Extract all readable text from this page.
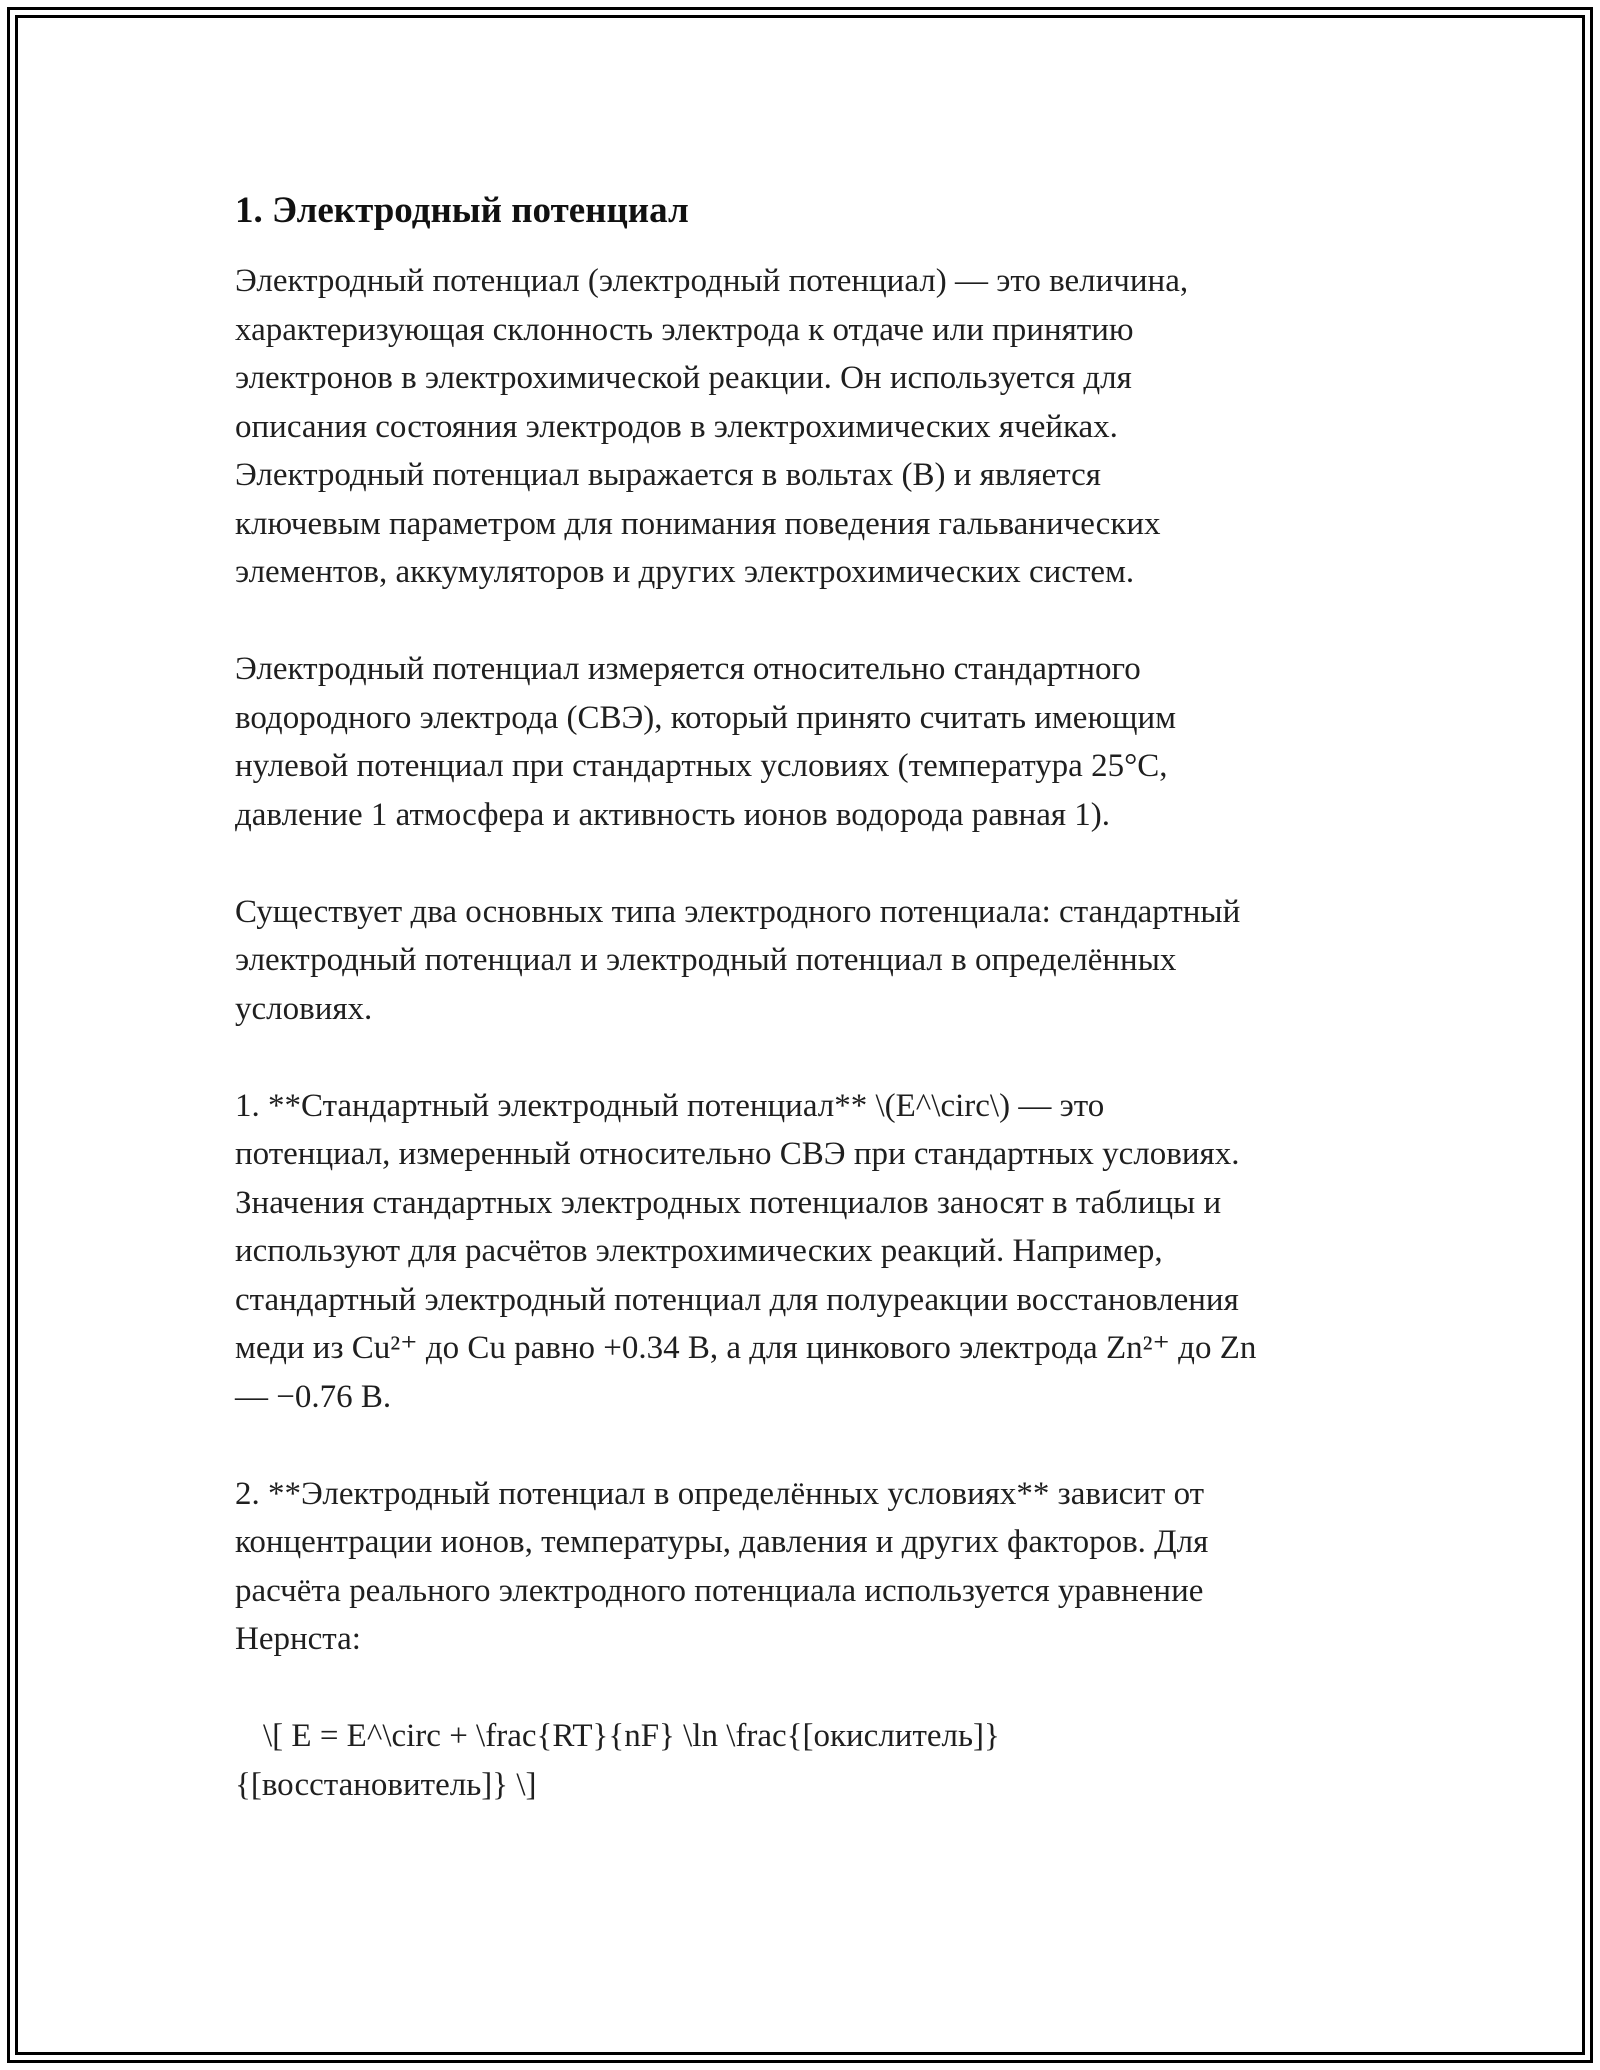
1. Электродный потенциал
Электродный потенциал (электродный потенциал) — это величина,
характеризующая склонность электрода к отдаче или принятию
электронов в электрохимической реакции. Он используется для
описания состояния электродов в электрохимических ячейках.
Электродный потенциал выражается в вольтах (В) и является
ключевым параметром для понимания поведения гальванических
элементов, аккумуляторов и других электрохимических систем.
Электродный потенциал измеряется относительно стандартного
водородного электрода (СВЭ), который принято считать имеющим
нулевой потенциал при стандартных условиях (температура 25°C,
давление 1 атмосфера и активность ионов водорода равная 1).
Существует два основных типа электродного потенциала: стандартный
электродный потенциал и электродный потенциал в определённых
условиях.
1. **Стандартный электродный потенциал** \(E^\circ\) — это
потенциал, измеренный относительно СВЭ при стандартных условиях.
Значения стандартных электродных потенциалов заносят в таблицы и
используют для расчётов электрохимических реакций. Например,
стандартный электродный потенциал для полуреакции восстановления
меди из Cu²⁺ до Cu равно +0.34 В, а для цинкового электрода Zn²⁺ до Zn
— −0.76 В.
2. **Электродный потенциал в определённых условиях** зависит от
концентрации ионов, температуры, давления и других факторов. Для
расчёта реального электродного потенциала используется уравнение
Нернста:
\[ E = E^\circ + \frac{RT}{nF} \ln \frac{[окислитель]}
{[восстановитель]} \]
